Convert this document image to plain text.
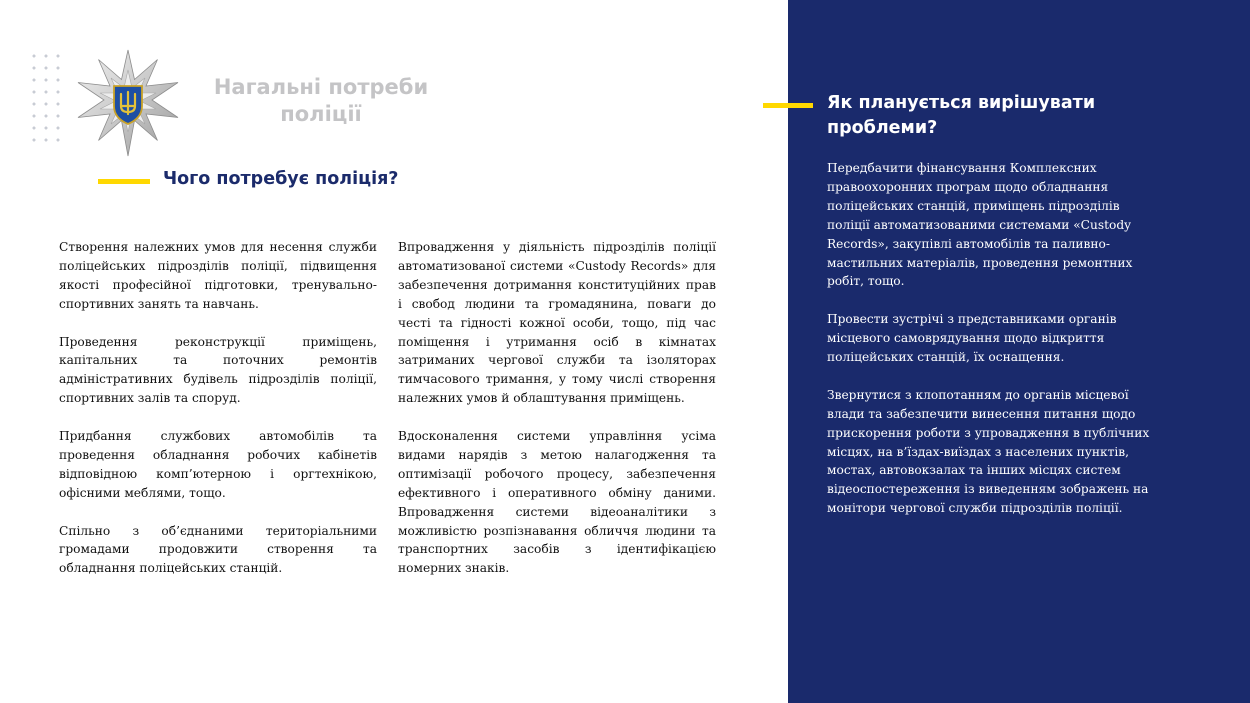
Нагальні потреби поліції
Чого потребує поліція?

Створення належних умов для несення служби поліцейських підрозділів поліції, підвищення якості професійної підготовки, тренувально-спортивних занять та навчань.

Проведення реконструкції приміщень, капітальних та поточних ремонтів адміністративних будівель підрозділів поліції, спортивних залів та споруд.

Придбання службових автомобілів та проведення обладнання робочих кабінетів відповідною комп’ютерною і оргтехнікою, офісними меблями, тощо.

Спільно з об’єднаними територіальними громадами продовжити створення та обладнання поліцейських станцій.

Впровадження у діяльність підрозділів поліції автоматизованої системи «Custody Records» для забезпечення дотримання конституційних прав і свобод людини та громадянина, поваги до честі та гідності кожної особи, тощо, під час поміщення і утримання осіб в кімнатах затриманих чергової служби та ізоляторах тимчасового тримання, у тому числі створення належних умов й облаштування приміщень.

Вдосконалення системи управління усіма видами нарядів з метою налагодження та оптимізації робочого процесу, забезпечення ефективного і оперативного обміну даними. Впровадження системи відеоаналітики з можливістю розпізнавання обличчя людини та транспортних засобів з ідентифікацією номерних знаків.

Як планується вирішувати проблеми?

Передбачити фінансування Комплексних правоохоронних програм щодо обладнання поліцейських станцій, приміщень підрозділів поліції автоматизованими системами «Custody Records», закупівлі автомобілів та паливно-мастильних матеріалів, проведення ремонтних робіт, тощо.

Провести зустрічі з представниками органів місцевого самоврядування щодо відкриття поліцейських станцій, їх оснащення.

Звернутися з клопотанням до органів місцевої влади та забезпечити винесення питання щодо прискорення роботи з упровадження в публічних місцях, на в’їздах-виїздах з населених пунктів, мостах, автовокзалах та інших місцях систем відеоспостереження із виведенням зображень на монітори чергової служби підрозділів поліції.
